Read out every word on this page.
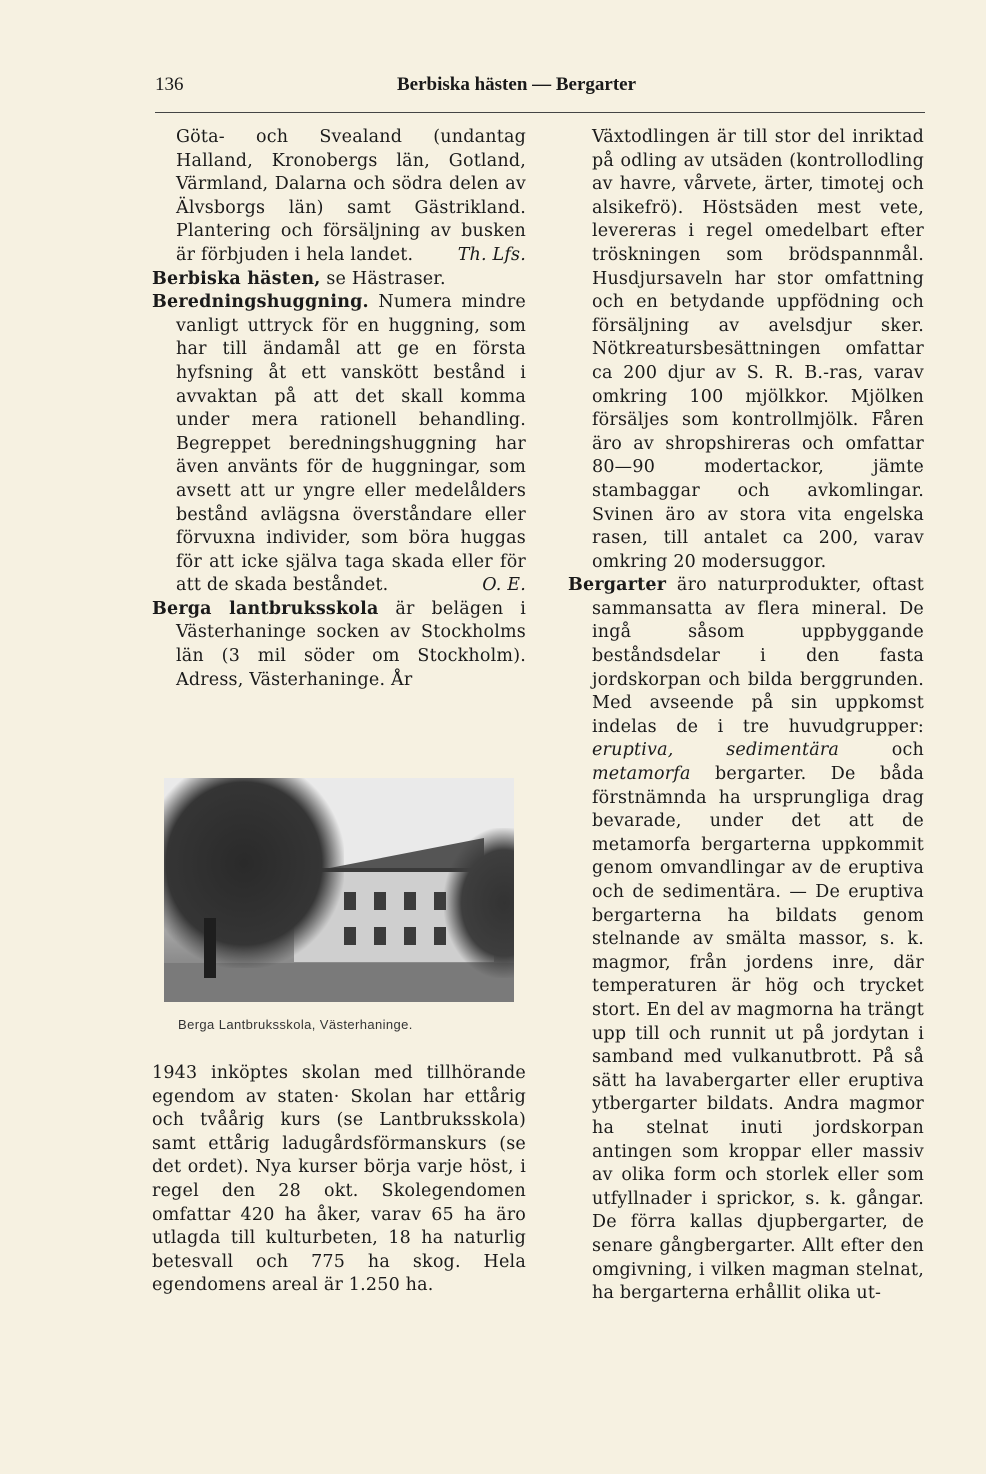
136	Berbiska hästen — Bergarter

Göta- och Svealand (undantag Halland, Kronobergs län, Gotland, Värmland, Dalarna och södra delen av Älvsborgs län) samt Gästrikland. Plantering och försäljning av busken är förbjuden i hela landet.	Th. Lfs.

Berbiska hästen, se Hästraser.

Beredningshuggning. Numera mindre vanligt uttryck för en huggning, som har till ändamål att ge en första hyfsning åt ett vanskött bestånd i avvaktan på att det skall komma under mera rationell behandling. Begreppet beredningshuggning har även använts för de huggningar, som avsett att ur yngre eller medelålders bestånd avlägsna överståndare eller förvuxna individer, som böra huggas för att icke själva taga skada eller för att de skada beståndet.	O. E.

Berga lantbruksskola är belägen i Västerhaninge socken av Stockholms län (3 mil söder om Stockholm). Adress, Västerhaninge. År

Berga Lantbruksskola, Västerhaninge.

1943 inköptes skolan med tillhörande egendom av staten· Skolan har ettårig och tvåårig kurs (se Lantbruksskola) samt ettårig ladugårdsförmanskurs (se det ordet). Nya kurser börja varje höst, i regel den 28 okt. Skolegendomen omfattar 420 ha åker, varav 65 ha äro utlagda till kulturbeten, 18 ha naturlig betesvall och 775 ha skog. Hela egendomens areal är 1.250 ha.

Växtodlingen är till stor del inriktad på odling av utsäden (kontrollodling av havre, vårvete, ärter, timotej och alsikefrö). Höstsäden mest vete, levereras i regel omedelbart efter tröskningen som brödspannmål. Husdjursaveln har stor omfattning och en betydande uppfödning och försäljning av avelsdjur sker. Nötkreatursbesättningen omfattar ca 200 djur av S. R. B.-ras, varav omkring 100 mjölkkor. Mjölken försäljes som kontrollmjölk. Fåren äro av shropshireras och omfattar 80—90 modertackor, jämte stambaggar och avkomlingar. Svinen äro av stora vita engelska rasen, till antalet ca 200, varav omkring 20 modersuggor.

Bergarter äro naturprodukter, oftast sammansatta av flera mineral. De ingå såsom uppbyggande beståndsdelar i den fasta jordskorpan och bilda berggrunden. Med avseende på sin uppkomst indelas de i tre huvudgrupper: eruptiva, sedimentära och metamorfa bergarter. De båda förstnämnda ha ursprungliga drag bevarade, under det att de metamorfa bergarterna uppkommit genom omvandlingar av de eruptiva och de sedimentära. — De eruptiva bergarterna ha bildats genom stelnande av smälta massor, s. k. magmor, från jordens inre, där temperaturen är hög och trycket stort. En del av magmorna ha trängt upp till och runnit ut på jordytan i samband med vulkanutbrott. På så sätt ha lavabergarter eller eruptiva ytbergarter bildats. Andra magmor ha stelnat inuti jordskorpan antingen som kroppar eller massiv av olika form och storlek eller som utfyllnader i sprickor, s. k. gångar. De förra kallas djupbergarter, de senare gångbergarter. Allt efter den omgivning, i vilken magman stelnat, ha bergarterna erhållit olika ut-
